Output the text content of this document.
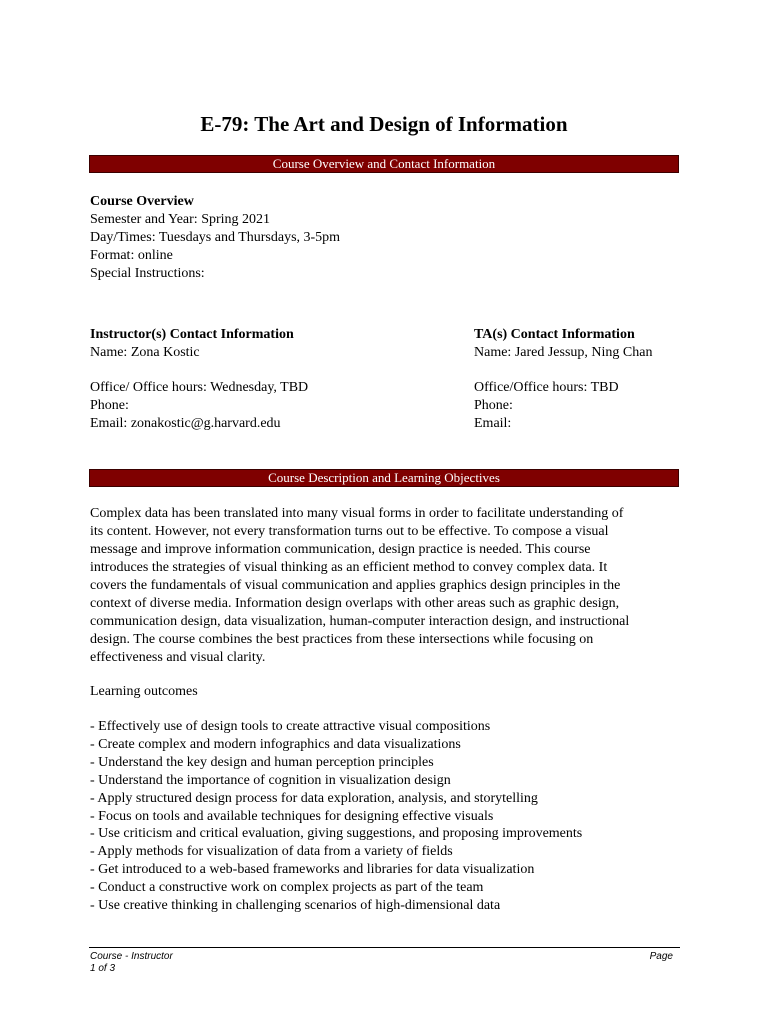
E-79: The Art and Design of Information
Course Overview and Contact Information
Course Overview
Semester and Year: Spring 2021
Day/Times: Tuesdays and Thursdays, 3-5pm
Format: online
Special Instructions:
Instructor(s) Contact Information
Name: Zona Kostic
Office/ Office hours: Wednesday, TBD
Phone:
Email: zonakostic@g.harvard.edu
TA(s) Contact Information
Name: Jared Jessup, Ning Chan
Office/Office hours: TBD
Phone:
Email:
Course Description and Learning Objectives
Complex data has been translated into many visual forms in order to facilitate understanding of
its content. However, not every transformation turns out to be effective. To compose a visual
message and improve information communication, design practice is needed. This course
introduces the strategies of visual thinking as an efficient method to convey complex data. It
covers the fundamentals of visual communication and applies graphics design principles in the
context of diverse media. Information design overlaps with other areas such as graphic design,
communication design, data visualization, human-computer interaction design, and instructional
design. The course combines the best practices from these intersections while focusing on
effectiveness and visual clarity.
Learning outcomes
- Effectively use of design tools to create attractive visual compositions
- Create complex and modern infographics and data visualizations
- Understand the key design and human perception principles
- Understand the importance of cognition in visualization design
- Apply structured design process for data exploration, analysis, and storytelling
- Focus on tools and available techniques for designing effective visuals
- Use criticism and critical evaluation, giving suggestions, and proposing improvements
- Apply methods for visualization of data from a variety of fields
- Get introduced to a web-based frameworks and libraries for data visualization
- Conduct a constructive work on complex projects as part of the team
- Use creative thinking in challenging scenarios of high-dimensional data
Course - Instructor
1 of 3
Page
